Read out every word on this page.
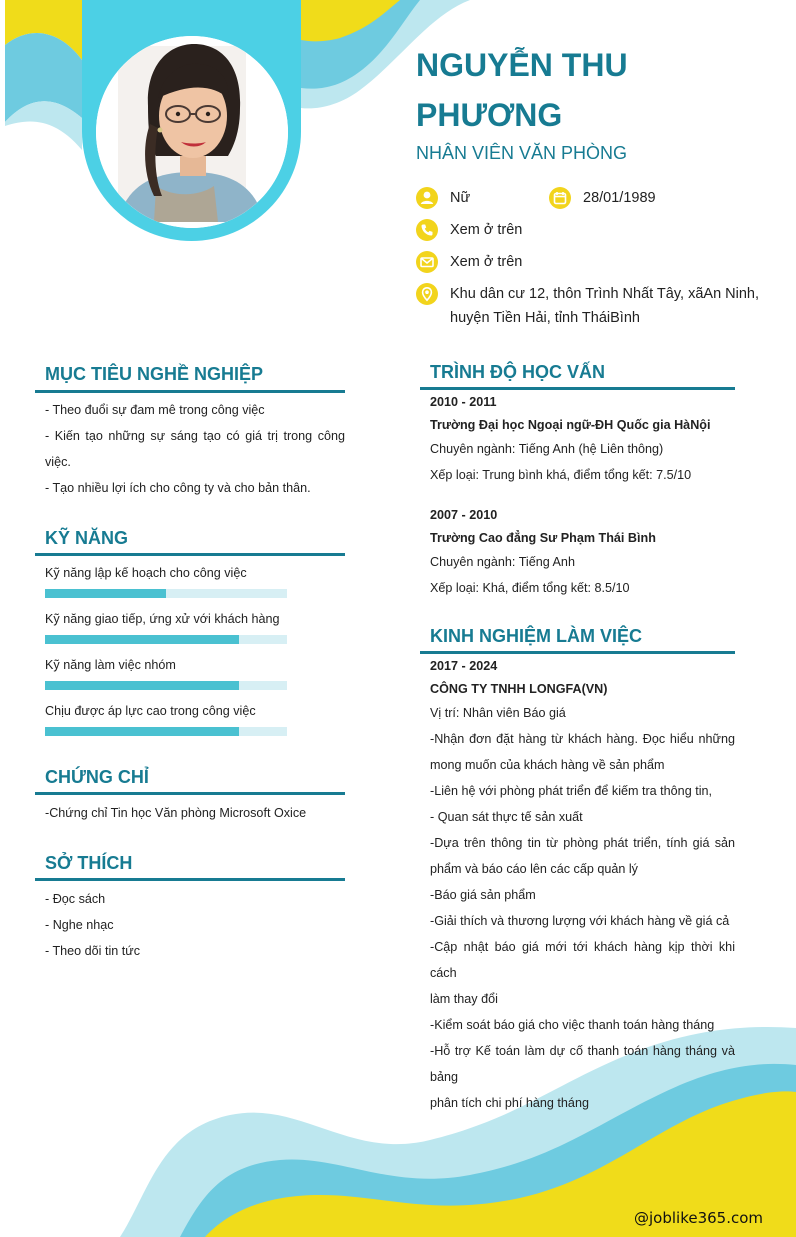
NGUYỄN THU PHƯƠNG
NHÂN VIÊN VĂN PHÒNG
Nữ	28/01/1989
Xem ở trên
Xem ở trên
Khu dân cư 12, thôn Trình Nhất Tây, xãAn Ninh, huyện Tiền Hải, tỉnh TháiBình
MỤC TIÊU NGHỀ NGHIỆP

- Theo đuổi sự đam mê trong công việc

- Kiến tạo những sự sáng tạo có giá trị trong công việc.

- Tạo nhiều lợi ích cho công ty và cho bản thân.

KỸ NĂNG
Kỹ năng lập kế hoạch cho công việc
Kỹ năng giao tiếp, ứng xử với khách hàng
Kỹ năng làm việc nhóm
Chịu được áp lực cao trong công việc
CHỨNG CHỈ

-Chứng chỉ Tin học Văn phòng Microsoft Oxice

SỞ THÍCH

- Đọc sách

- Nghe nhạc

- Theo dõi tin tức

TRÌNH ĐỘ HỌC VẤN

2010 - 2011

Trường Đại học Ngoại ngữ-ĐH Quốc gia HàNội

Chuyên ngành: Tiếng Anh (hệ Liên thông)

Xếp loại: Trung bình khá, điểm tổng kết: 7.5/10

2007 - 2010

Trường Cao đẳng Sư Phạm Thái Bình

Chuyên ngành: Tiếng Anh

Xếp loại: Khá, điểm tổng kết: 8.5/10

KINH NGHIỆM LÀM VIỆC

2017 - 2024

CÔNG TY TNHH LONGFA(VN)

Vị trí: Nhân viên Báo giá

-Nhận đơn đặt hàng từ khách hàng. Đọc hiểu những mong muốn của khách hàng về sản phẩm

-Liên hệ với phòng phát triển để kiếm tra thông tin,

- Quan sát thực tế sản xuất

-Dựa trên thông tin từ phòng phát triển, tính giá sản phẩm và báo cáo lên các cấp quản lý

-Báo giá sản phẩm

-Giải thích và thương lượng với khách hàng về giá cả

-Cập nhật báo giá mới tới khách hàng kịp thời khi cách

làm thay đổi

-Kiểm soát báo giá cho việc thanh toán hàng tháng

-Hỗ trợ Kế toán làm dự cố thanh toán hàng tháng và bảng

phân tích chi phí hàng tháng

@joblike365.com
